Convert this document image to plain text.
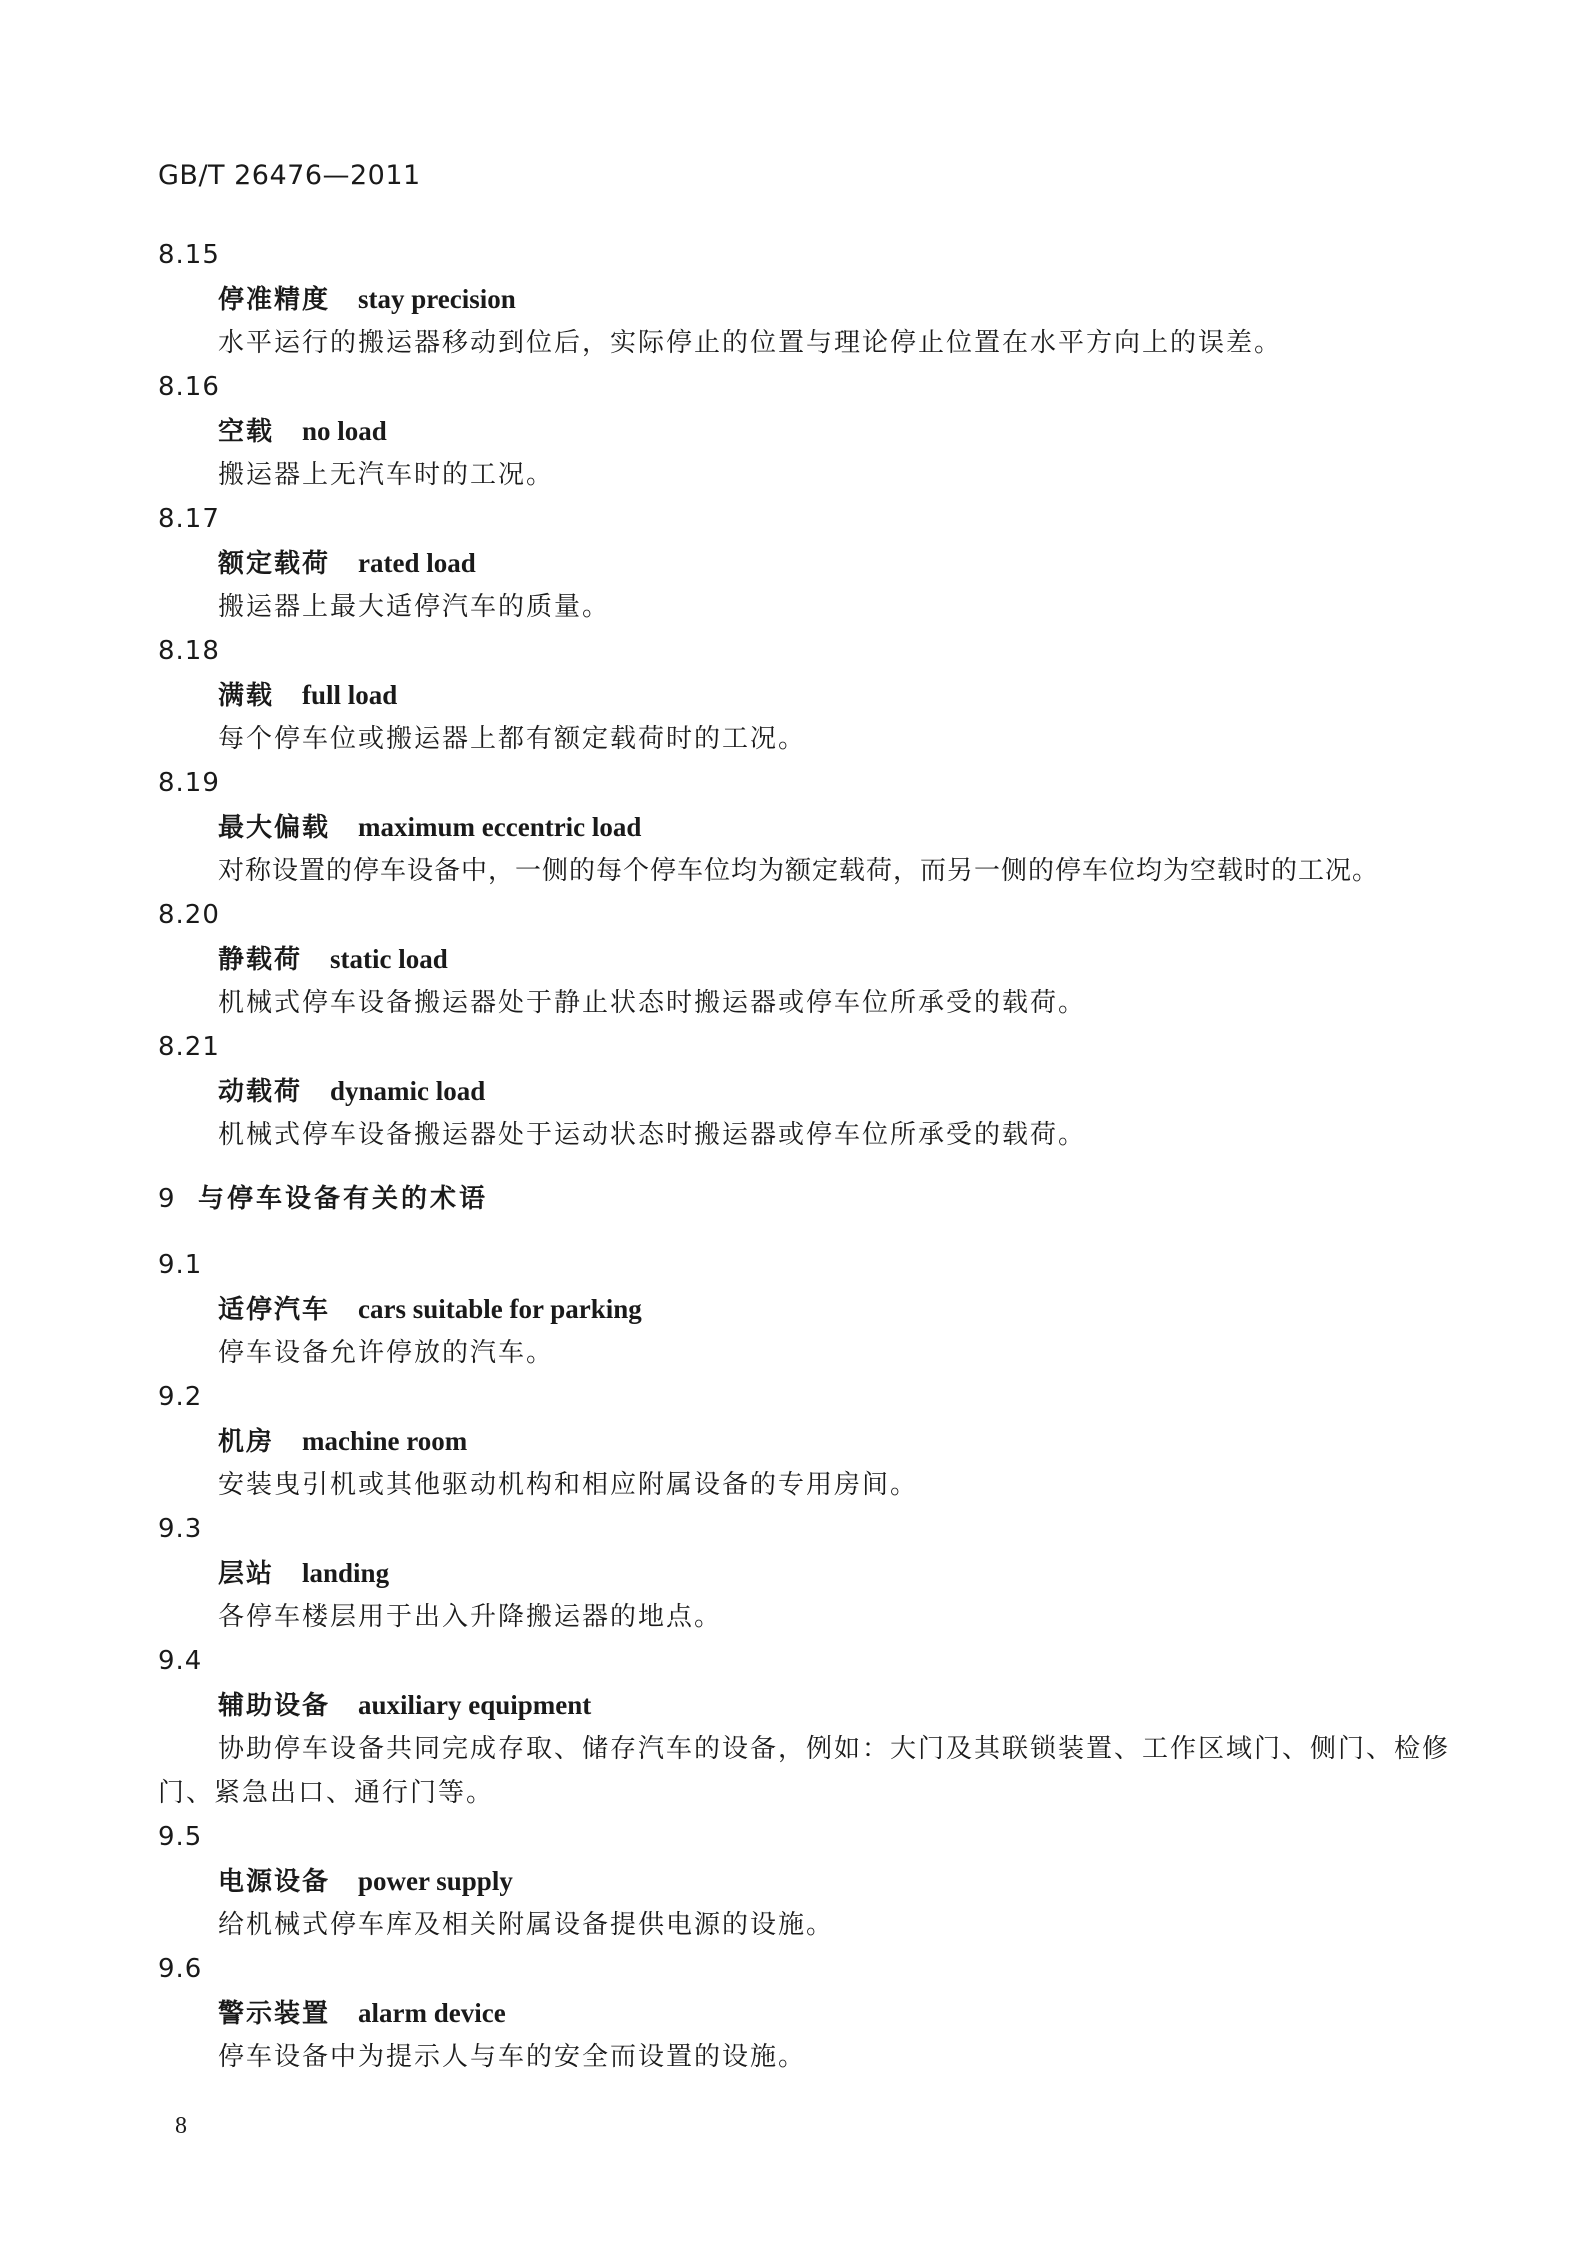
GB/T 26476—2011
8.15
停准精度 stay precision
水平运行的搬运器移动到位后，实际停止的位置与理论停止位置在水平方向上的误差。
8.16
空载 no load
搬运器上无汽车时的工况。
8.17
额定载荷 rated load
搬运器上最大适停汽车的质量。
8.18
满载 full load
每个停车位或搬运器上都有额定载荷时的工况。
8.19
最大偏载 maximum eccentric load
对称设置的停车设备中，一侧的每个停车位均为额定载荷，而另一侧的停车位均为空载时的工况。
8.20
静载荷 static load
机械式停车设备搬运器处于静止状态时搬运器或停车位所承受的载荷。
8.21
动载荷 dynamic load
机械式停车设备搬运器处于运动状态时搬运器或停车位所承受的载荷。
9 与停车设备有关的术语
9.1
适停汽车 cars suitable for parking
停车设备允许停放的汽车。
9.2
机房 machine room
安装曳引机或其他驱动机构和相应附属设备的专用房间。
9.3
层站 landing
各停车楼层用于出入升降搬运器的地点。
9.4
辅助设备 auxiliary equipment
协助停车设备共同完成存取、储存汽车的设备，例如：大门及其联锁装置、工作区域门、侧门、检修门、紧急出口、通行门等。
9.5
电源设备 power supply
给机械式停车库及相关附属设备提供电源的设施。
9.6
警示装置 alarm device
停车设备中为提示人与车的安全而设置的设施。
8
